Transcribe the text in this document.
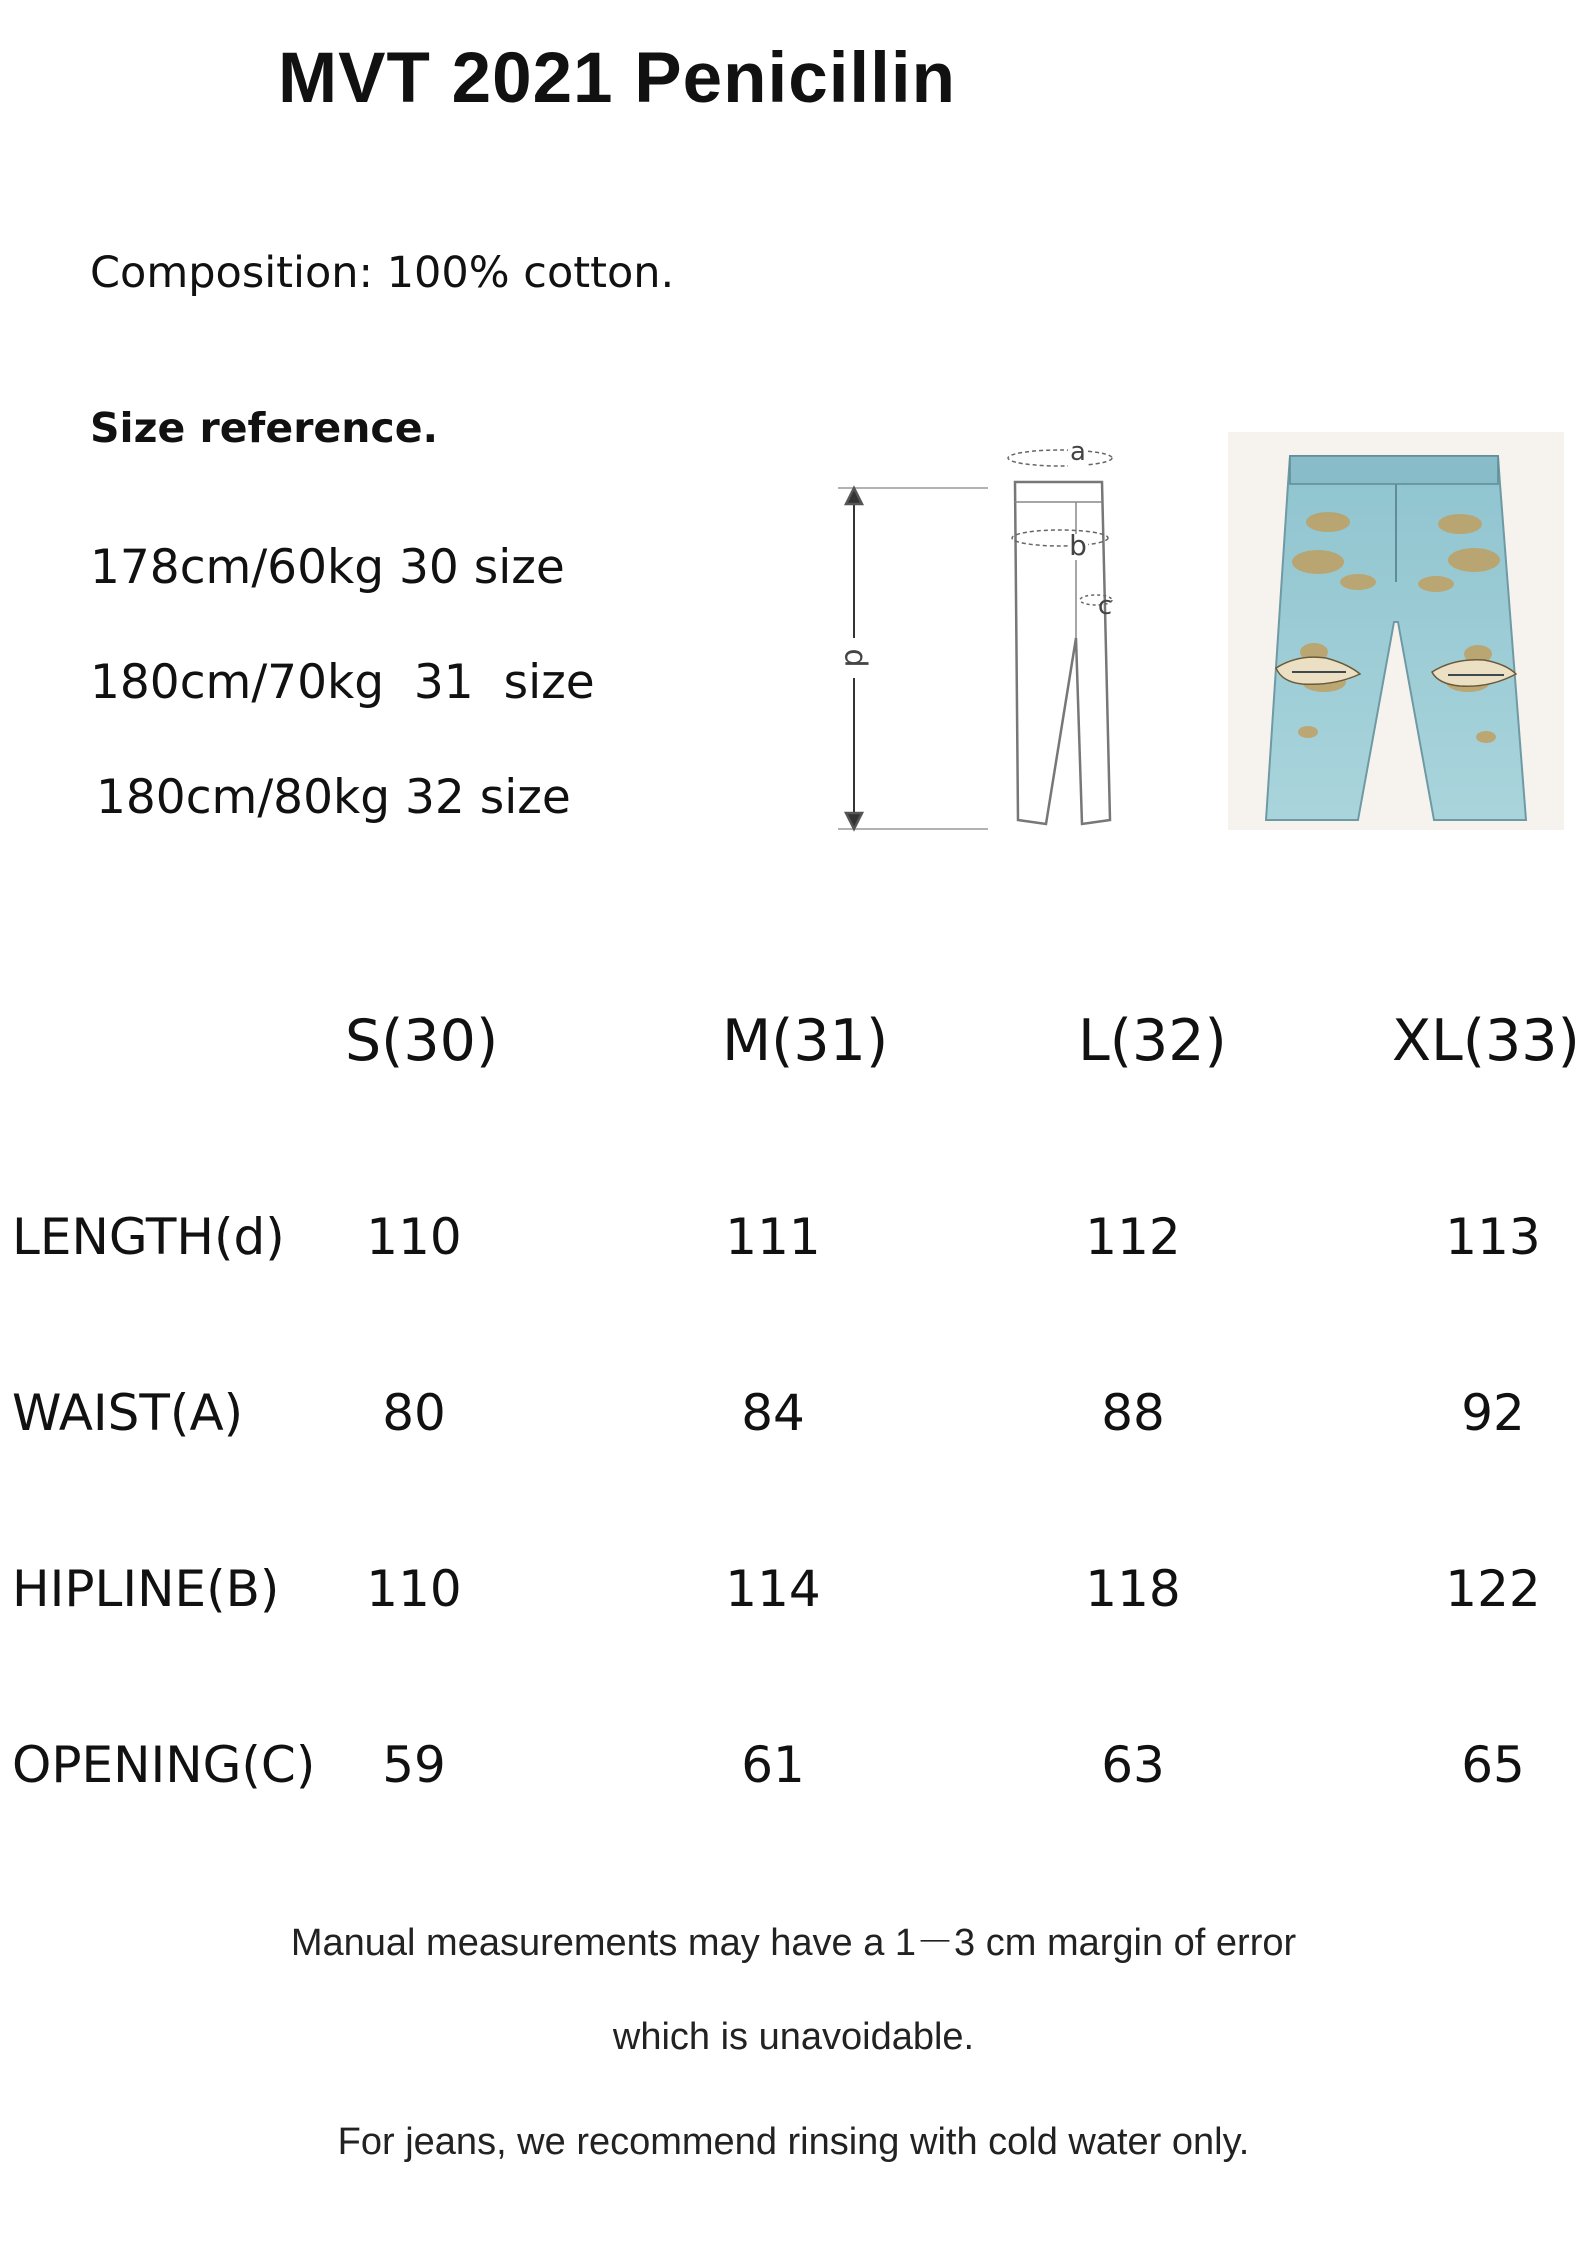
MVT 2021 Penicillin
Composition: 100% cotton.
Size reference.
178cm/60kg 30 size
180cm/70kg  31  size
180cm/80kg 32 size
a
b
c
d
S(30)	M(31)	L(32)	XL(33)
LENGTH(d) 110	111	112	113
WAIST(A)	80	84	88	92
HIPLINE(B) 110	114	118	122
OPENING(C) 59	61	63	65
Manual measurements may have a 1－3 cm margin of error
which is unavoidable.
For jeans, we recommend rinsing with cold water only.
